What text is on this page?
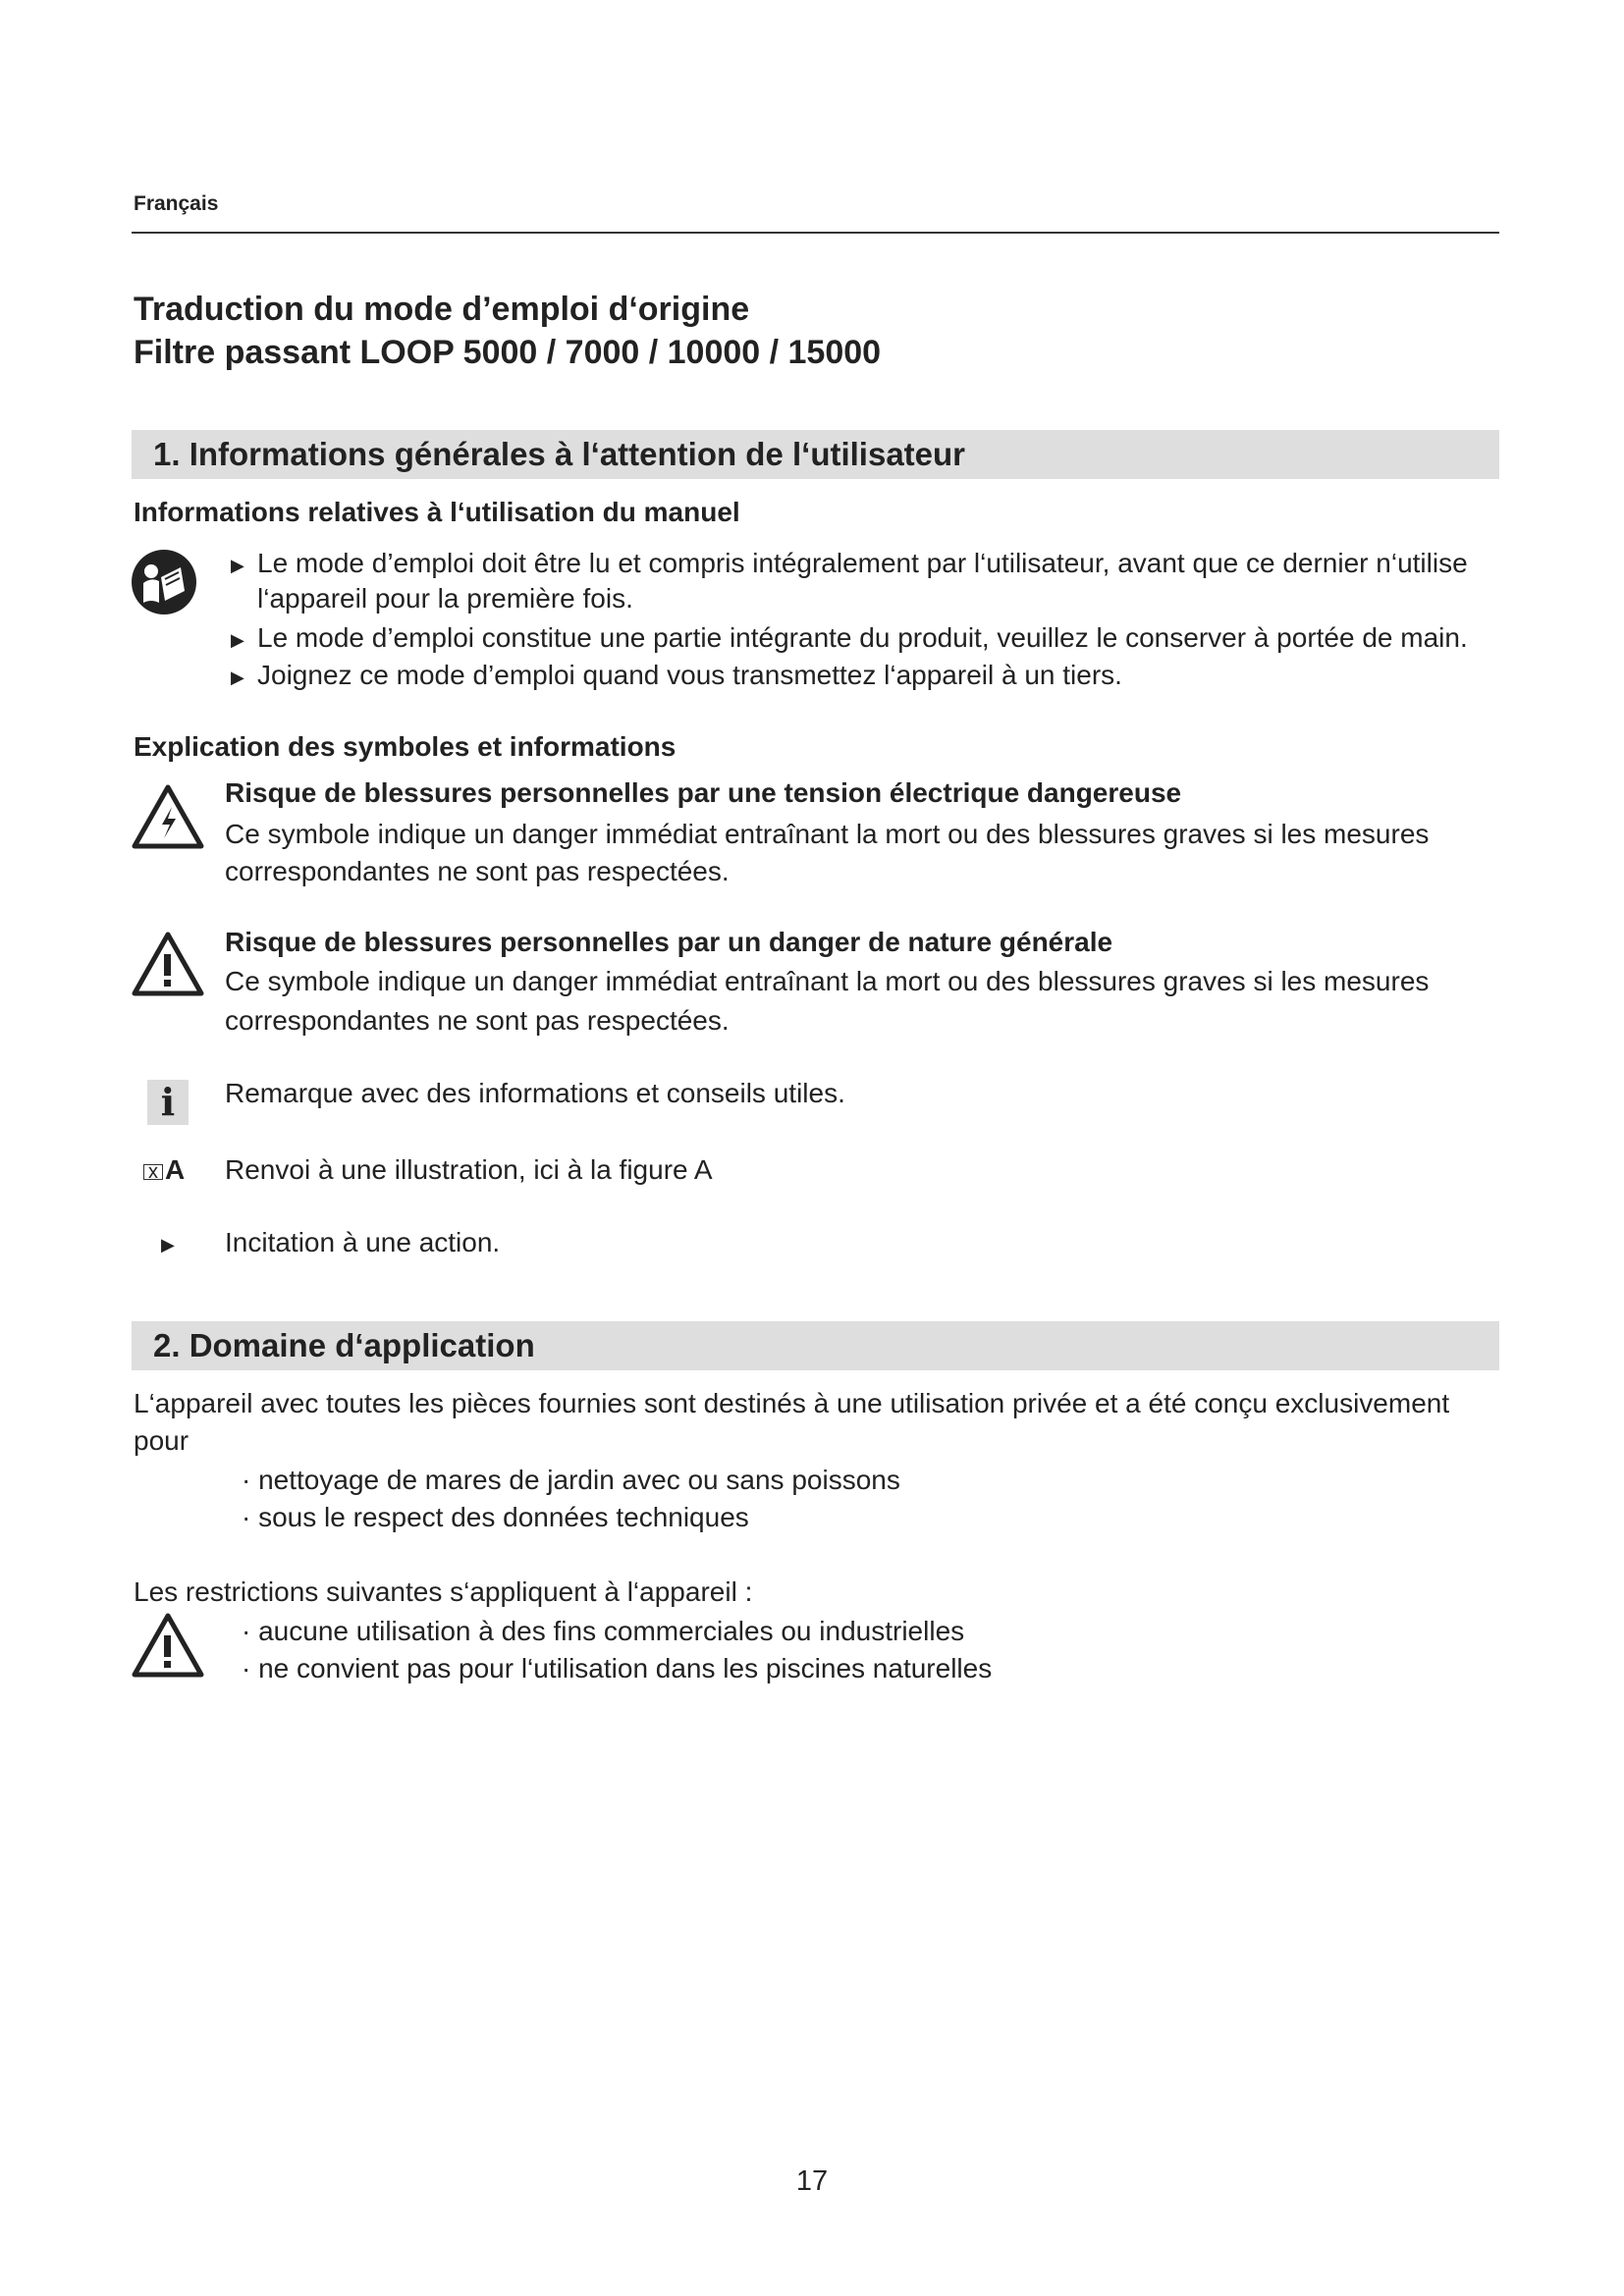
Français
Traduction du mode d’emploi d‘origine
Filtre passant LOOP 5000 / 7000 / 10000 / 15000
1. Informations générales à l‘attention de l‘utilisateur
Informations relatives à l‘utilisation du manuel
▶ Le mode d’emploi doit être lu et compris intégralement par l‘utilisateur, avant que ce dernier n‘utilise
l‘appareil pour la première fois.
▶ Le mode d’emploi constitue une partie intégrante du produit, veuillez le conserver à portée de main.
▶ Joignez ce mode d’emploi quand vous transmettez l‘appareil à un tiers.
Explication des symboles et informations
Risque de blessures personnelles par une tension électrique dangereuse
Ce symbole indique un danger immédiat entraînant la mort ou des blessures graves si les mesures
correspondantes ne sont pas respectées.
Risque de blessures personnelles par un danger de nature générale
Ce symbole indique un danger immédiat entraînant la mort ou des blessures graves si les mesures
correspondantes ne sont pas respectées.
i	Remarque avec des informations et conseils utiles.
x A Renvoi à une illustration, ici à la figure A
▶ Incitation à une action.
2. Domaine d‘application
L‘appareil avec toutes les pièces fournies sont destinés à une utilisation privée et a été conçu exclusivement
pour
· nettoyage de mares de jardin avec ou sans poissons
· sous le respect des données techniques
Les restrictions suivantes s‘appliquent à l‘appareil :
· aucune utilisation à des fins commerciales ou industrielles
· ne convient pas pour l‘utilisation dans les piscines naturelles
17
